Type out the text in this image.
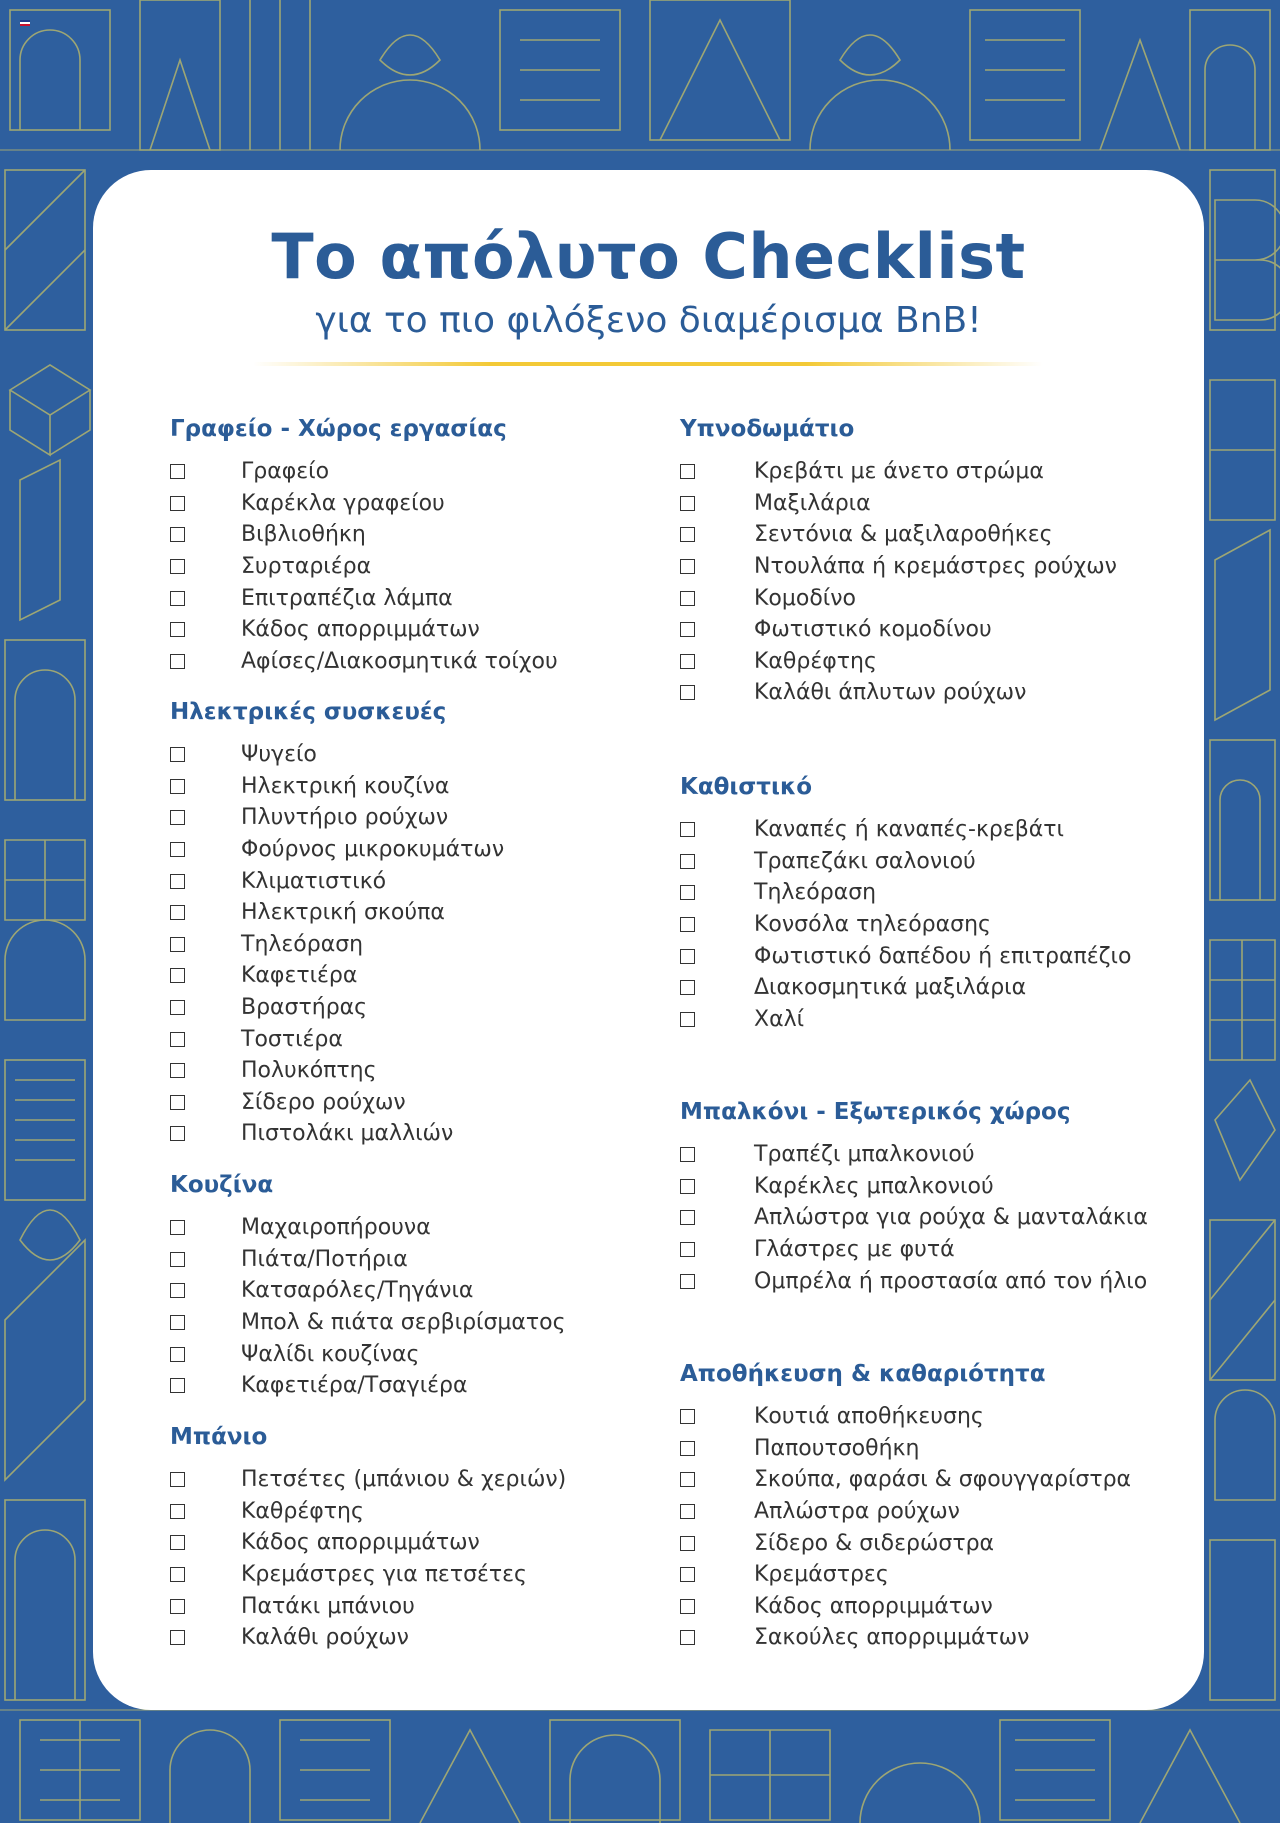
Το απόλυτο Checklist
για το πιο φιλόξενο διαμέρισμα BnB!
Γραφείο - Χώρος εργασίας
Γραφείο
Καρέκλα γραφείου
Βιβλιοθήκη
Συρταριέρα
Επιτραπέζια λάμπα
Κάδος απορριμμάτων
Αφίσες/Διακοσμητικά τοίχου
Ηλεκτρικές συσκευές
Ψυγείο
Ηλεκτρική κουζίνα
Πλυντήριο ρούχων
Φούρνος μικροκυμάτων
Κλιματιστικό
Ηλεκτρική σκούπα
Τηλεόραση
Καφετιέρα
Βραστήρας
Τοστιέρα
Πολυκόπτης
Σίδερο ρούχων
Πιστολάκι μαλλιών
Κουζίνα
Μαχαιροπήρουνα
Πιάτα/Ποτήρια
Κατσαρόλες/Τηγάνια
Μπολ & πιάτα σερβιρίσματος
Ψαλίδι κουζίνας
Καφετιέρα/Τσαγιέρα
Μπάνιο
Πετσέτες (μπάνιου & χεριών)
Καθρέφτης
Κάδος απορριμμάτων
Κρεμάστρες για πετσέτες
Πατάκι μπάνιου
Καλάθι ρούχων
Υπνοδωμάτιο
Κρεβάτι με άνετο στρώμα
Μαξιλάρια
Σεντόνια & μαξιλαροθήκες
Ντουλάπα ή κρεμάστρες ρούχων
Κομοδίνο
Φωτιστικό κομοδίνου
Καθρέφτης
Καλάθι άπλυτων ρούχων
Καθιστικό
Καναπές ή καναπές-κρεβάτι
Τραπεζάκι σαλονιού
Τηλεόραση
Κονσόλα τηλεόρασης
Φωτιστικό δαπέδου ή επιτραπέζιο
Διακοσμητικά μαξιλάρια
Χαλί
Μπαλκόνι - Εξωτερικός χώρος
Τραπέζι μπαλκονιού
Καρέκλες μπαλκονιού
Απλώστρα για ρούχα & μανταλάκια
Γλάστρες με φυτά
Ομπρέλα ή προστασία από τον ήλιο
Αποθήκευση & καθαριότητα
Κουτιά αποθήκευσης
Παπουτσοθήκη
Σκούπα, φαράσι & σφουγγαρίστρα
Απλώστρα ρούχων
Σίδερο & σιδερώστρα
Κρεμάστρες
Κάδος απορριμμάτων
Σακούλες απορριμμάτων
